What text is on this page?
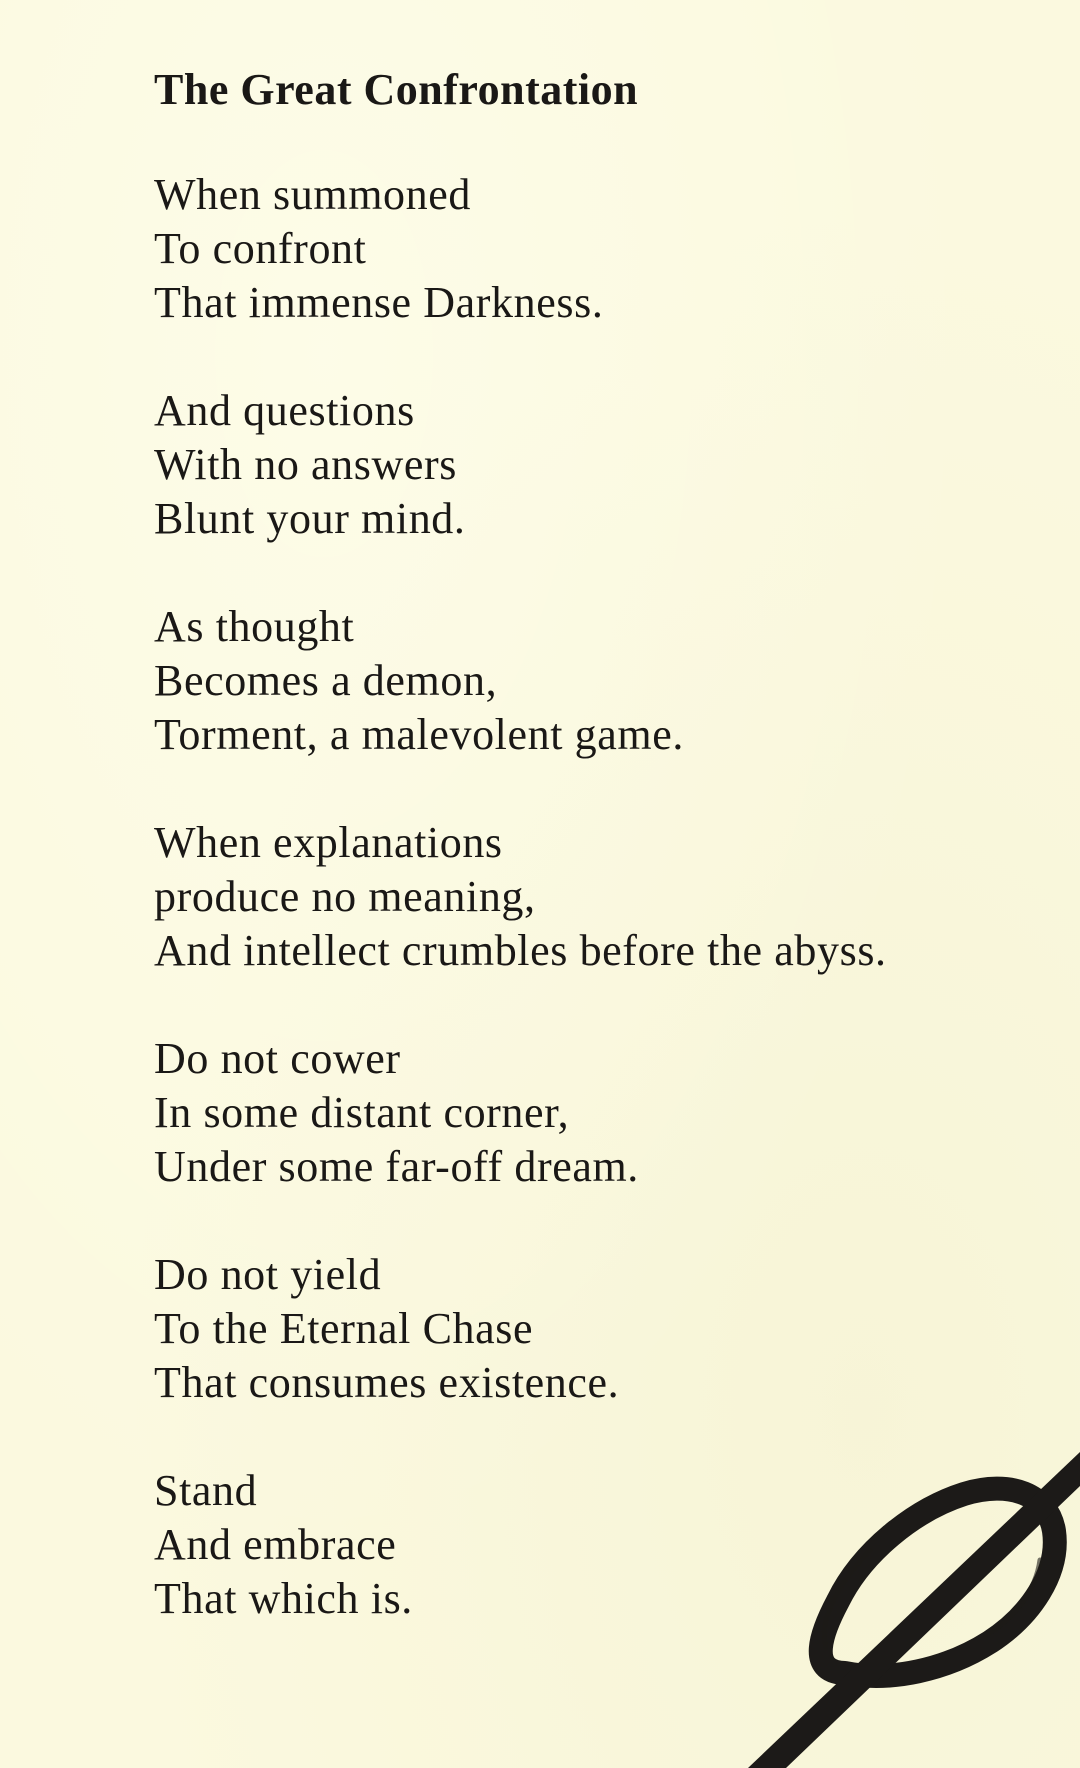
The Great Confrontation
When summoned
To confront
That immense Darkness.
And questions
With no answers
Blunt your mind.
As thought
Becomes a demon,
Torment, a malevolent game.
When explanations
produce no meaning,
And intellect crumbles before the abyss.
Do not cower
In some distant corner,
Under some far-off dream.
Do not yield
To the Eternal Chase
That consumes existence.
Stand
And embrace
That which is.
